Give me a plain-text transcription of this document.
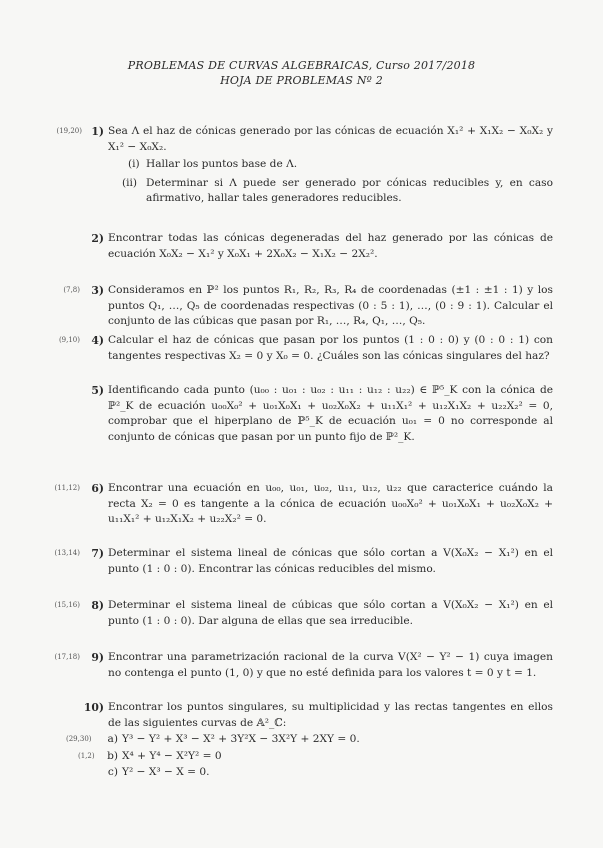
PROBLEMAS DE CURVAS ALGEBRAICAS, Curso 2017/2018
HOJA DE PROBLEMAS Nº 2
(19,20) 1) Sea Λ el haz de cónicas generado por las cónicas de ecuación X₁² + X₁X₂ − X₀X₂ y X₁² − X₀X₂.
(i) Hallar los puntos base de Λ.
(ii) Determinar si Λ puede ser generado por cónicas reducibles y, en caso afirmativo, hallar tales generadores reducibles.
2) Encontrar todas las cónicas degeneradas del haz generado por las cónicas de ecuación X₀X₂ − X₁² y X₀X₁ + 2X₀X₂ − X₁X₂ − 2X₂².
(7,8)	3) Consideramos en ℙ² los puntos R₁, R₂, R₃, R₄ de coordenadas (±1 : ±1 : 1) y los puntos Q₁, …, Q₅ de coordenadas respectivas (0 : 5 : 1), …, (0 : 9 : 1). Calcular el conjunto de las cúbicas que pasan por R₁, …, R₄, Q₁, …, Q₅.
(9,10)	4) Calcular el haz de cónicas que pasan por los puntos (1 : 0 : 0) y (0 : 0 : 1) con tangentes respectivas X₂ = 0 y X₀ = 0. ¿Cuáles son las cónicas singulares del haz?
5) Identificando cada punto (u₀₀ : u₀₁ : u₀₂ : u₁₁ : u₁₂ : u₂₂) ∈ ℙ⁵_K con la cónica de ℙ²_K de ecuación u₀₀X₀² + u₀₁X₀X₁ + u₀₂X₀X₂ + u₁₁X₁² + u₁₂X₁X₂ + u₂₂X₂² = 0, comprobar que el hiperplano de ℙ⁵_K de ecuación u₀₁ = 0 no corresponde al conjunto de cónicas que pasan por un punto fijo de ℙ²_K.
(11,12)	6) Encontrar una ecuación en u₀₀, u₀₁, u₀₂, u₁₁, u₁₂, u₂₂ que caracterice cuándo la recta X₂ = 0 es tangente a la cónica de ecuación u₀₀X₀² + u₀₁X₀X₁ + u₀₂X₀X₂ + u₁₁X₁² + u₁₂X₁X₂ + u₂₂X₂² = 0.
(13,14)	7) Determinar el sistema lineal de cónicas que sólo cortan a V(X₀X₂ − X₁²) en el punto (1 : 0 : 0). Encontrar las cónicas reducibles del mismo.
(15,16)	8) Determinar el sistema lineal de cúbicas que sólo cortan a V(X₀X₂ − X₁²) en el punto (1 : 0 : 0). Dar alguna de ellas que sea irreducible.
(17,18)	9) Encontrar una parametrización racional de la curva V(X² − Y² − 1) cuya imagen no contenga el punto (1, 0) y que no esté definida para los valores t = 0 y t = 1.
10) Encontrar los puntos singulares, su multiplicidad y las rectas tangentes en ellos de las siguientes curvas de 𝔸²_ℂ:
(29,30)	a) Y³ − Y² + X³ − X² + 3Y²X − 3X²Y + 2XY = 0.
(1,2)	b) X⁴ + Y⁴ − X²Y² = 0
c) Y² − X³ − X = 0.
